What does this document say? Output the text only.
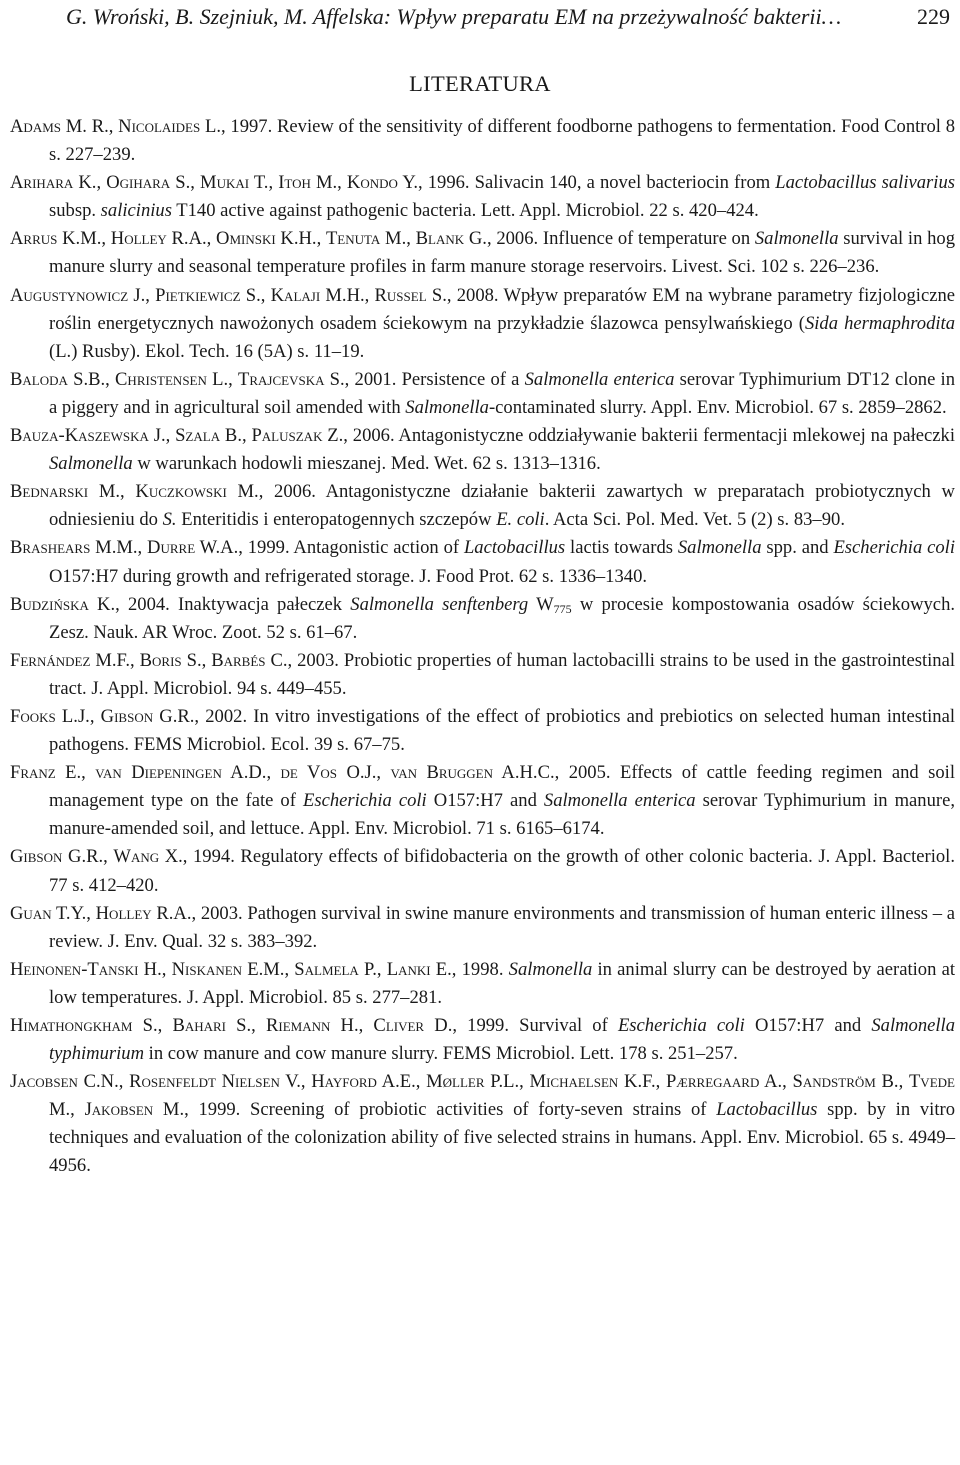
G. Wroński, B. Szejniuk, M. Affelska: Wpływ preparatu EM na przeżywalność bakterii…	229
LITERATURA

Adams M. R., Nicolaides L., 1997. Review of the sensitivity of different foodborne pathogens to fermentation. Food Control 8 s. 227–239.

Arihara K., Ogihara S., Mukai T., Itoh M., Kondo Y., 1996. Salivacin 140, a novel bacteriocin from Lactobacillus salivarius subsp. salicinius T140 active against pathogenic bacteria. Lett. Appl. Microbiol. 22 s. 420–424.

Arrus K.M., Holley R.A., Ominski K.H., Tenuta M., Blank G., 2006. Influence of temperature on Salmonella survival in hog manure slurry and seasonal temperature profiles in farm manure storage reservoirs. Livest. Sci. 102 s. 226–236.

Augustynowicz J., Pietkiewicz S., Kalaji M.H., Russel S., 2008. Wpływ preparatów EM na wybrane parametry fizjologiczne roślin energetycznych nawożonych osadem ściekowym na przykładzie ślazowca pensylwańskiego (Sida hermaphrodita (L.) Rusby). Ekol. Tech. 16 (5A) s. 11–19.

Baloda S.B., Christensen L., Trajcevska S., 2001. Persistence of a Salmonella enterica serovar Typhimurium DT12 clone in a piggery and in agricultural soil amended with Salmonella-contaminated slurry. Appl. Env. Microbiol. 67 s. 2859–2862.

Bauza-Kaszewska J., Szala B., Paluszak Z., 2006. Antagonistyczne oddziaływanie bakterii fermentacji mlekowej na pałeczki Salmonella w warunkach hodowli mieszanej. Med. Wet. 62 s. 1313–1316.

Bednarski M., Kuczkowski M., 2006. Antagonistyczne działanie bakterii zawartych w preparatach probiotycznych w odniesieniu do S. Enteritidis i enteropatogennych szczepów E. coli. Acta Sci. Pol. Med. Vet. 5 (2) s. 83–90.

Brashears M.M., Durre W.A., 1999. Antagonistic action of Lactobacillus lactis towards Salmonella spp. and Escherichia coli O157:H7 during growth and refrigerated storage. J. Food Prot. 62 s. 1336–1340.

Budzińska K., 2004. Inaktywacja pałeczek Salmonella senftenberg $W_{775}$ w procesie kompostowania osadów ściekowych. Zesz. Nauk. AR Wroc. Zoot. 52 s. 61–67.

Fernández M.F., Boris S., Barbés C., 2003. Probiotic properties of human lactobacilli strains to be used in the gastrointestinal tract. J. Appl. Microbiol. 94 s. 449–455.

Fooks L.J., Gibson G.R., 2002. In vitro investigations of the effect of probiotics and prebiotics on selected human intestinal pathogens. FEMS Microbiol. Ecol. 39 s. 67–75.

Franz E., van Diepeningen A.D., de Vos O.J., van Bruggen A.H.C., 2005. Effects of cattle feeding regimen and soil management type on the fate of Escherichia coli O157:H7 and Salmonella enterica serovar Typhimurium in manure, manure-amended soil, and lettuce. Appl. Env. Microbiol. 71 s. 6165–6174.

Gibson G.R., Wang X., 1994. Regulatory effects of bifidobacteria on the growth of other colonic bacteria. J. Appl. Bacteriol. 77 s. 412–420.

Guan T.Y., Holley R.A., 2003. Pathogen survival in swine manure environments and transmission of human enteric illness – a review. J. Env. Qual. 32 s. 383–392.

Heinonen-Tanski H., Niskanen E.M., Salmela P., Lanki E., 1998. Salmonella in animal slurry can be destroyed by aeration at low temperatures. J. Appl. Microbiol. 85 s. 277–281.

Himathongkham S., Bahari S., Riemann H., Cliver D., 1999. Survival of Escherichia coli O157:H7 and Salmonella typhimurium in cow manure and cow manure slurry. FEMS Microbiol. Lett. 178 s. 251–257.

Jacobsen C.N., Rosenfeldt Nielsen V., Hayford A.E., Møller P.L., Michaelsen K.F., Pærregaard A., Sandström B., Tvede M., Jakobsen M., 1999. Screening of probiotic activities of forty-seven strains of Lactobacillus spp. by in vitro techniques and evaluation of the colonization ability of five selected strains in humans. Appl. Env. Microbiol. 65 s. 4949–4956.
